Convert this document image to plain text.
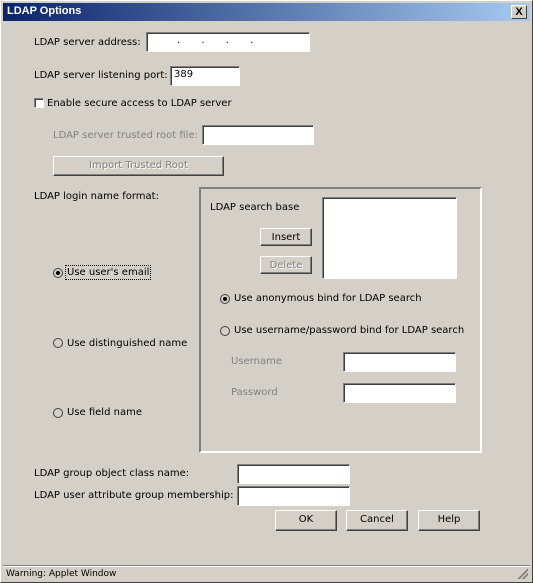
LDAP Options	X
LDAP server address:	. . . .
LDAP server listening port: 389
Enable secure access to LDAP server
LDAP server trusted root file:
Import Trusted Root
LDAP login name format:
Use user's email
Use distinguished name
Use field name
LDAP search base
Insert
Delete
Use anonymous bind for LDAP search
Use username/password bind for LDAP search
Username
Password
LDAP group object class name:
LDAP user attribute group membership:
OK	Cancel	Help
Warning: Applet Window
